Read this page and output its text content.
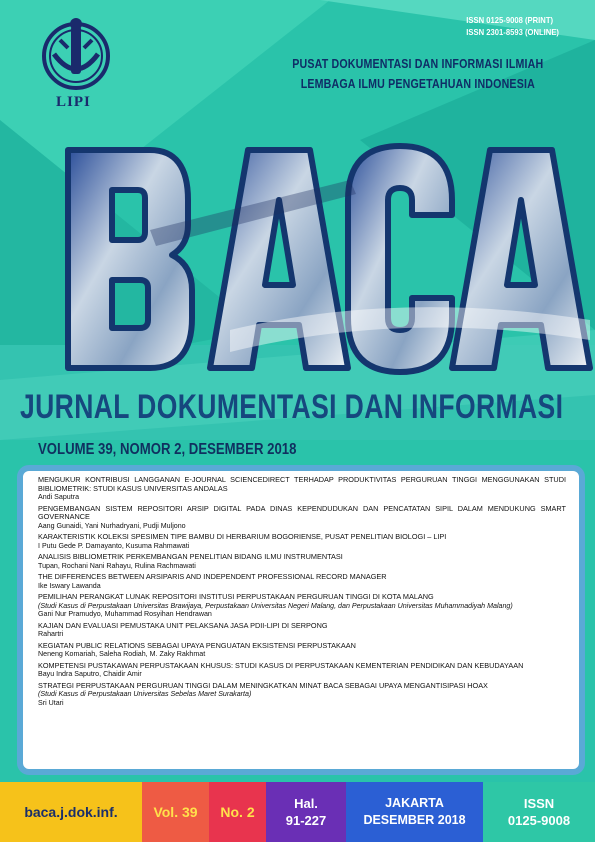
LIPI
ISSN 0125-9008 (PRINT)
ISSN 2301-8593 (ONLINE)
PUSAT DOKUMENTASI DAN INFORMASI ILMIAH
LEMBAGA ILMU PENGETAHUAN INDONESIA
JURNAL DOKUMENTASI DAN INFORMASI
VOLUME 39, NOMOR 2, DESEMBER 2018
MENGUKUR KONTRIBUSI LANGGANAN E-JOURNAL SCIENCEDIRECT TERHADAP PRODUKTIVITAS PERGURUAN TINGGI MENGGUNAKAN STUDI BIBLIOMETRIK: STUDI KASUS UNIVERSITAS ANDALAS
Andi Saputra
PENGEMBANGAN SISTEM REPOSITORI ARSIP DIGITAL PADA DINAS KEPENDUDUKAN DAN PENCATATAN SIPIL DALAM MENDUKUNG SMART GOVERNANCE
Aang Gunaidi, Yani Nurhadryani, Pudji Muljono
KARAKTERISTIK KOLEKSI SPESIMEN TIPE BAMBU DI HERBARIUM BOGORIENSE, PUSAT PENELITIAN BIOLOGI – LIPI
I Putu Gede P. Damayanto, Kusuma Rahmawati
ANALISIS BIBLIOMETRIK PERKEMBANGAN PENELITIAN BIDANG ILMU INSTRUMENTASI
Tupan, Rochani Nani Rahayu, Rulina Rachmawati
THE DIFFERENCES BETWEEN ARSIPARIS AND INDEPENDENT PROFESSIONAL RECORD MANAGER
Ike Iswary Lawanda
PEMILIHAN PERANGKAT LUNAK REPOSITORI INSTITUSI PERPUSTAKAAN PERGURUAN TINGGI DI KOTA MALANG
(Studi Kasus di Perpustakaan Universitas Brawijaya, Perpustakaan Universitas Negeri Malang, dan Perpustakaan Universitas Muhammadiyah Malang)
Gani Nur Pramudyo, Muhammad Rosyihan Hendrawan
KAJIAN DAN EVALUASI PEMUSTAKA UNIT PELAKSANA JASA PDII-LIPI DI SERPONG
Rahartri
KEGIATAN PUBLIC RELATIONS SEBAGAI UPAYA PENGUATAN EKSISTENSI PERPUSTAKAAN
Neneng Komariah, Saleha Rodiah, M. Zaky Rakhmat
KOMPETENSI PUSTAKAWAN PERPUSTAKAAN KHUSUS: STUDI KASUS DI PERPUSTAKAAN KEMENTERIAN PENDIDIKAN DAN KEBUDAYAAN
Bayu Indra Saputro, Chaidir Amir
STRATEGI PERPUSTAKAAN PERGURUAN TINGGI DALAM MENINGKATKAN MINAT BACA SEBAGAI UPAYA MENGANTISIPASI HOAX
(Studi Kasus di Perpustakaan Universitas Sebelas Maret Surakarta)
Sri Utari
baca.j.dok.inf.	Vol. 39 No. 2	Hal.
91-227
JAKARTA
DESEMBER 2018
ISSN
0125-9008
